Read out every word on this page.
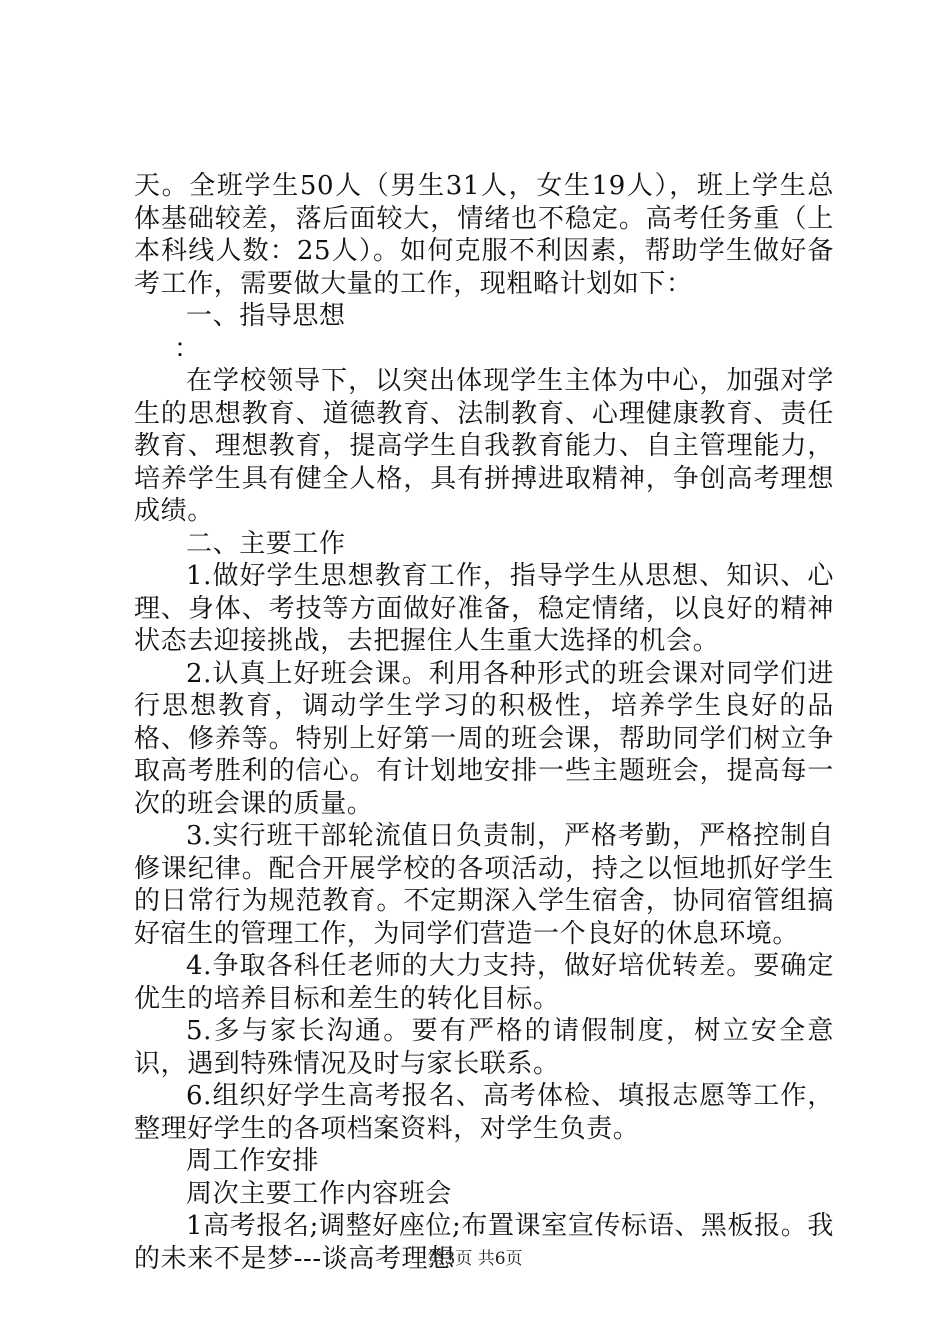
天。全班学生50人（男生31人，女生19人），班上学生总体基础较差，落后面较大，情绪也不稳定。高考任务重（上本科线人数：25人）。如何克服不利因素，帮助学生做好备考工作，需要做大量的工作，现粗略计划如下：

一、指导思想

：

在学校领导下，以突出体现学生主体为中心，加强对学生的思想教育、道德教育、法制教育、心理健康教育、责任教育、理想教育，提高学生自我教育能力、自主管理能力，培养学生具有健全人格，具有拼搏进取精神，争创高考理想成绩。

二、主要工作

1.做好学生思想教育工作，指导学生从思想、知识、心理、身体、考技等方面做好准备，稳定情绪，以良好的精神状态去迎接挑战，去把握住人生重大选择的机会。

2.认真上好班会课。利用各种形式的班会课对同学们进行思想教育，调动学生学习的积极性，培养学生良好的品格、修养等。特别上好第一周的班会课，帮助同学们树立争取高考胜利的信心。有计划地安排一些主题班会，提高每一次的班会课的质量。

3.实行班干部轮流值日负责制，严格考勤，严格控制自修课纪律。配合开展学校的各项活动，持之以恒地抓好学生的日常行为规范教育。不定期深入学生宿舍，协同宿管组搞好宿生的管理工作，为同学们营造一个良好的休息环境。

4.争取各科任老师的大力支持，做好培优转差。要确定优生的培养目标和差生的转化目标。

5.多与家长沟通。要有严格的请假制度，树立安全意识，遇到特殊情况及时与家长联系。

6.组织好学生高考报名、高考体检、填报志愿等工作，整理好学生的各项档案资料，对学生负责。

周工作安排

周次主要工作内容班会

1高考报名;调整好座位;布置课室宣传标语、黑板报。我的未来不是梦---谈高考理想

第3页 共6页
